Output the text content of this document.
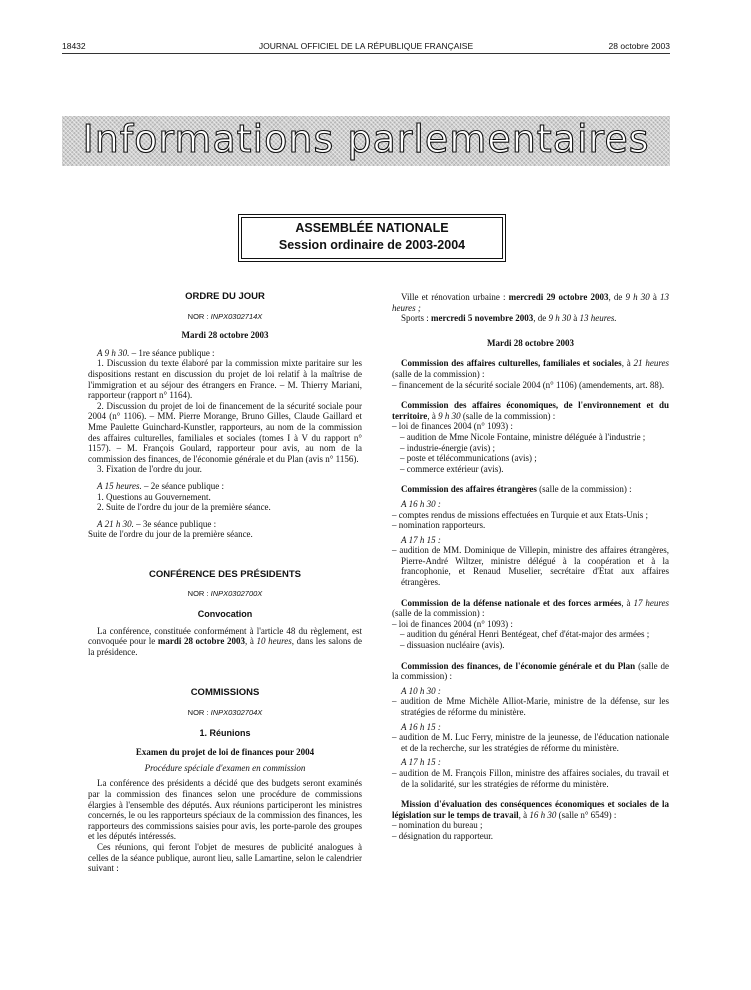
18432	JOURNAL OFFICIEL DE LA RÉPUBLIQUE FRANÇAISE	28 octobre 2003
Informations parlementaires
ASSEMBLÉE NATIONALE
Session ordinaire de 2003-2004
ORDRE DU JOUR
NOR : INPX0302714X
Mardi 28 octobre 2003

A 9 h 30. – 1re séance publique :

1. Discussion du texte élaboré par la commission mixte paritaire sur les dispositions restant en discussion du projet de loi relatif à la maîtrise de l'immigration et au séjour des étrangers en France. – M. Thierry Mariani, rapporteur (rapport n° 1164).

2. Discussion du projet de loi de financement de la sécurité sociale pour 2004 (n° 1106). – MM. Pierre Morange, Bruno Gilles, Claude Gaillard et Mme Paulette Guinchard-Kunstler, rapporteurs, au nom de la commission des affaires culturelles, familiales et sociales (tomes I à V du rapport n° 1157). – M. François Goulard, rapporteur pour avis, au nom de la commission des finances, de l'économie générale et du Plan (avis n° 1156).

3. Fixation de l'ordre du jour.

A 15 heures. – 2e séance publique :

1. Questions au Gouvernement.

2. Suite de l'ordre du jour de la première séance.

A 21 h 30. – 3e séance publique :

Suite de l'ordre du jour de la première séance.

CONFÉRENCE DES PRÉSIDENTS
NOR : INPX0302700X
Convocation

La conférence, constituée conformément à l'article 48 du règlement, est convoquée pour le mardi 28 octobre 2003, à 10 heures, dans les salons de la présidence.

COMMISSIONS
NOR : INPX0302704X
1. Réunions
Examen du projet de loi de finances pour 2004
Procédure spéciale d'examen en commission

La conférence des présidents a décidé que des budgets seront examinés par la commission des finances selon une procédure de commissions élargies à l'ensemble des députés. Aux réunions participeront les ministres concernés, le ou les rapporteurs spéciaux de la commission des finances, les rapporteurs des commissions saisies pour avis, les porte-parole des groupes et les députés intéressés.

Ces réunions, qui feront l'objet de mesures de publicité analogues à celles de la séance publique, auront lieu, salle Lamartine, selon le calendrier suivant :

Ville et rénovation urbaine : mercredi 29 octobre 2003, de 9 h 30 à 13 heures ;

Sports : mercredi 5 novembre 2003, de 9 h 30 à 13 heures.

Mardi 28 octobre 2003

Commission des affaires culturelles, familiales et sociales, à 21 heures (salle de la commission) :

– financement de la sécurité sociale 2004 (n° 1106) (amendements, art. 88).

Commission des affaires économiques, de l'environnement et du territoire, à 9 h 30 (salle de la commission) :

– loi de finances 2004 (n° 1093) :

– audition de Mme Nicole Fontaine, ministre déléguée à l'industrie ;

– industrie-énergie (avis) ;

– poste et télécommunications (avis) ;

– commerce extérieur (avis).

Commission des affaires étrangères (salle de la commission) :

A 16 h 30 :

– comptes rendus de missions effectuées en Turquie et aux Etats-Unis ;

– nomination rapporteurs.

A 17 h 15 :

– audition de MM. Dominique de Villepin, ministre des affaires étrangères, Pierre-André Wiltzer, ministre délégué à la coopération et à la francophonie, et Renaud Muselier, secrétaire d'Etat aux affaires étrangères.

Commission de la défense nationale et des forces armées, à 17 heures (salle de la commission) :

– loi de finances 2004 (n° 1093) :

– audition du général Henri Bentégeat, chef d'état-major des armées ;

– dissuasion nucléaire (avis).

Commission des finances, de l'économie générale et du Plan (salle de la commission) :

A 10 h 30 :

– audition de Mme Michèle Alliot-Marie, ministre de la défense, sur les stratégies de réforme du ministère.

A 16 h 15 :

– audition de M. Luc Ferry, ministre de la jeunesse, de l'éducation nationale et de la recherche, sur les stratégies de réforme du ministère.

A 17 h 15 :

– audition de M. François Fillon, ministre des affaires sociales, du travail et de la solidarité, sur les stratégies de réforme du ministère.

Mission d'évaluation des conséquences économiques et sociales de la législation sur le temps de travail, à 16 h 30 (salle n° 6549) :

– nomination du bureau ;

– désignation du rapporteur.
